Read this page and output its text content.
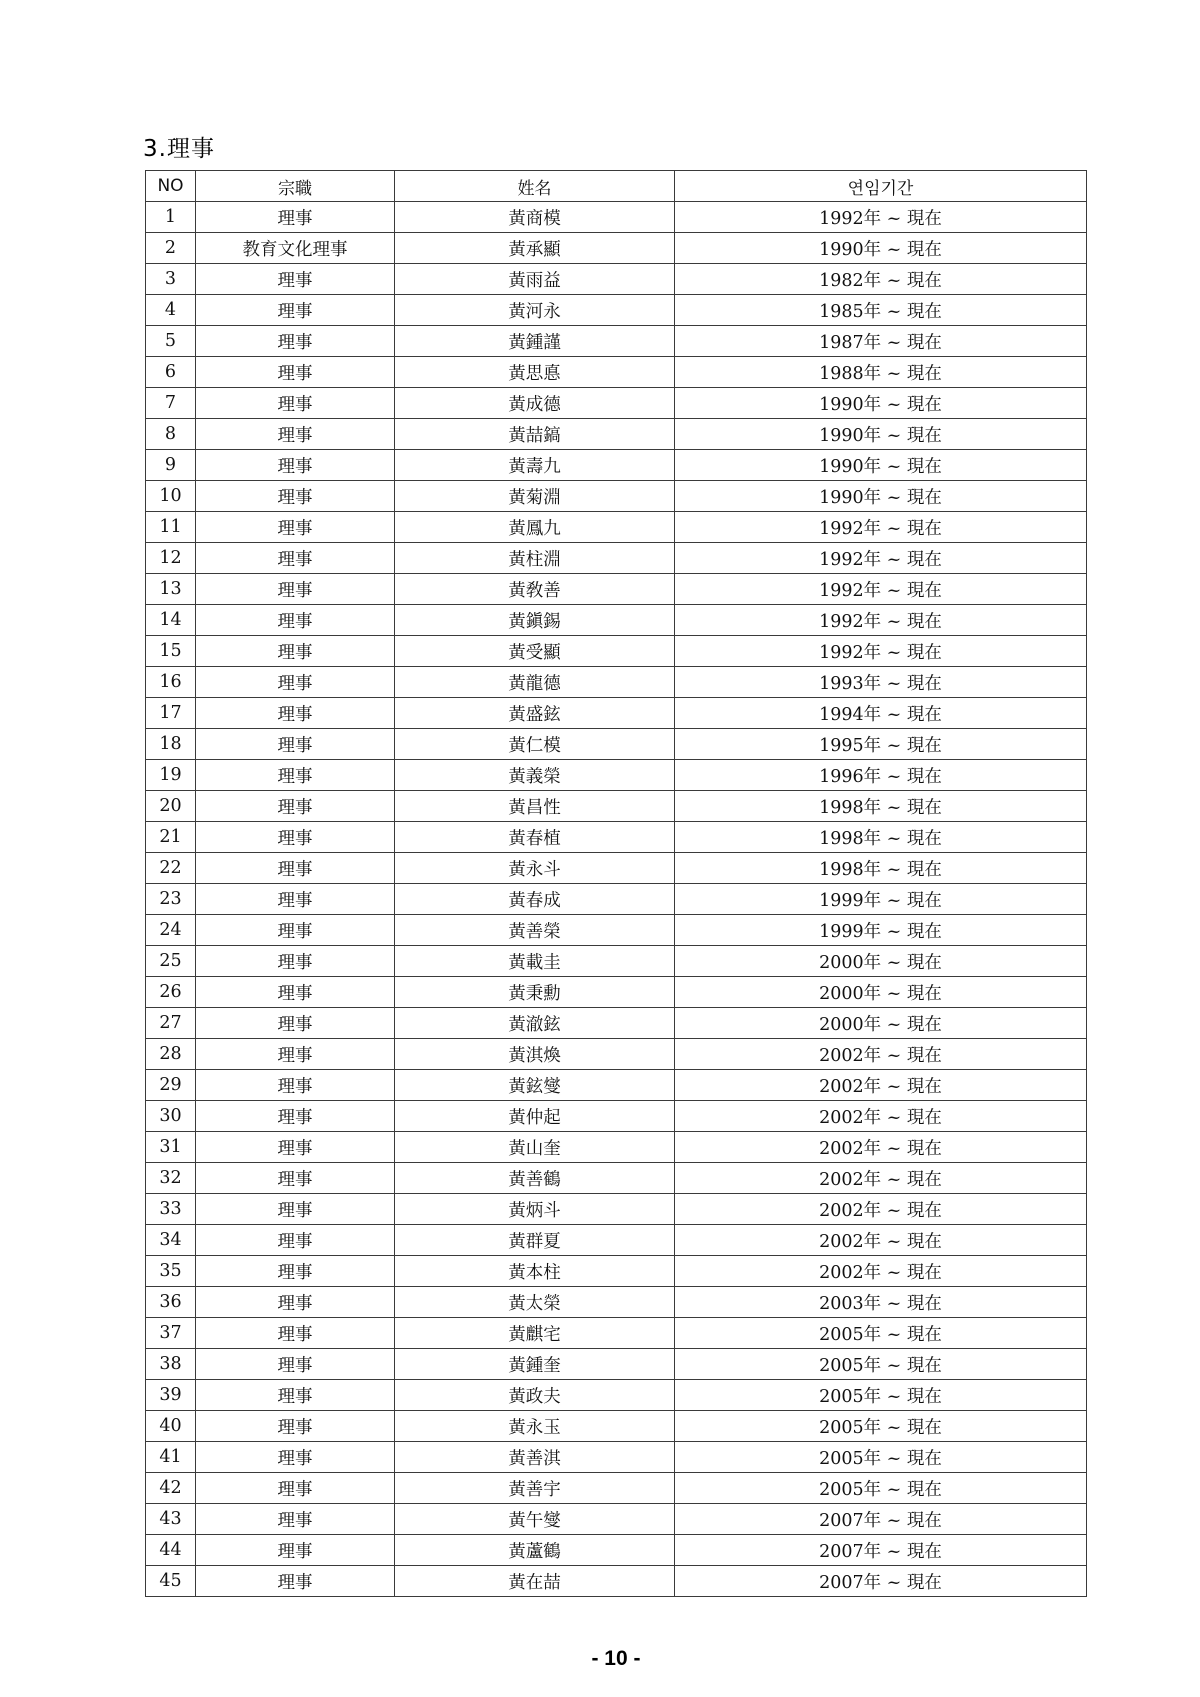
3.理事
NO	宗職	姓名	연임기간
1	理事	黃商模	1992年 ~ 現在
2	教育文化理事	黃承顯	1990年 ~ 現在
3	理事	黃雨益	1982年 ~ 現在
4	理事	黃河永	1985年 ~ 現在
5	理事	黃鍾謹	1987年 ~ 現在
6	理事	黃思悳	1988年 ~ 現在
7	理事	黃成德	1990年 ~ 現在
8	理事	黃喆鎬	1990年 ~ 現在
9	理事	黃壽九	1990年 ~ 現在
10	理事	黃菊淵	1990年 ~ 現在
11	理事	黃鳳九	1992年 ~ 現在
12	理事	黃柱淵	1992年 ~ 現在
13	理事	黃敎善	1992年 ~ 現在
14	理事	黃鎭錫	1992年 ~ 現在
15	理事	黃受顯	1992年 ~ 現在
16	理事	黃龍德	1993年 ~ 現在
17	理事	黃盛鉉	1994年 ~ 現在
18	理事	黃仁模	1995年 ~ 現在
19	理事	黃義榮	1996年 ~ 現在
20	理事	黃昌性	1998年 ~ 現在
21	理事	黃春植	1998年 ~ 現在
22	理事	黃永斗	1998年 ~ 現在
23	理事	黃春成	1999年 ~ 現在
24	理事	黃善榮	1999年 ~ 現在
25	理事	黃載圭	2000年 ~ 現在
26	理事	黃秉勳	2000年 ~ 現在
27	理事	黃澈鉉	2000年 ~ 現在
28	理事	黃淇煥	2002年 ~ 現在
29	理事	黃鉉燮	2002年 ~ 現在
30	理事	黃仲起	2002年 ~ 現在
31	理事	黃山奎	2002年 ~ 現在
32	理事	黃善鶴	2002年 ~ 現在
33	理事	黃炳斗	2002年 ~ 現在
34	理事	黃群夏	2002年 ~ 現在
35	理事	黃本柱	2002年 ~ 現在
36	理事	黃太榮	2003年 ~ 現在
37	理事	黃麒宅	2005年 ~ 現在
38	理事	黃鍾奎	2005年 ~ 現在
39	理事	黃政夫	2005年 ~ 現在
40	理事	黃永玉	2005年 ~ 現在
41	理事	黃善淇	2005年 ~ 現在
42	理事	黃善宇	2005年 ~ 現在
43	理事	黃午燮	2007年 ~ 現在
44	理事	黃蘆鶴	2007年 ~ 現在
45	理事	黃在喆	2007年 ~ 現在
- 10 -
